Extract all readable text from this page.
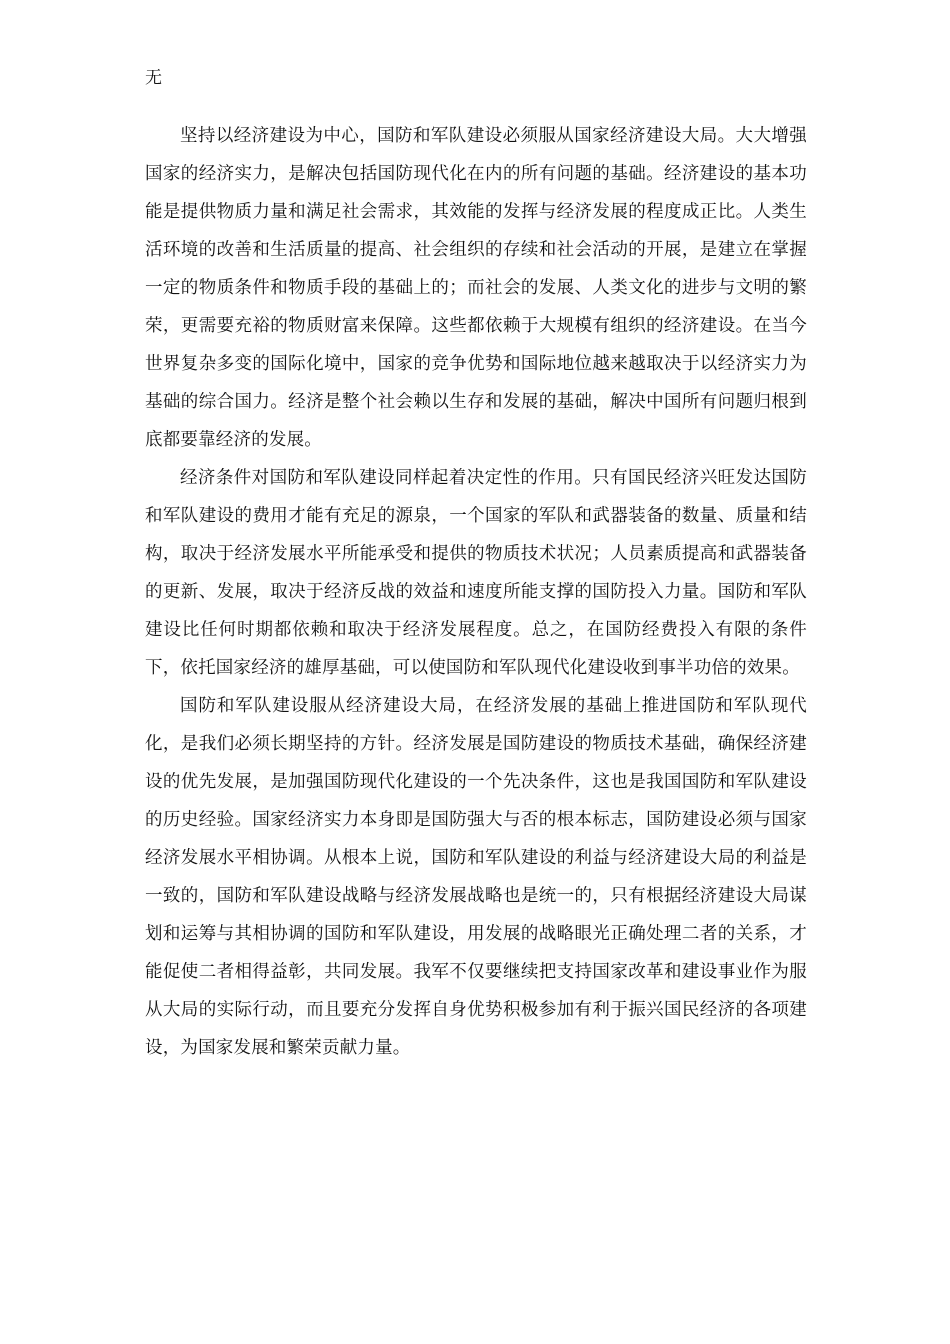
无

坚持以经济建设为中心，国防和军队建设必须服从国家经济建设大局。大大增强国家的经济实力，是解决包括国防现代化在内的所有问题的基础。经济建设的基本功能是提供物质力量和满足社会需求，其效能的发挥与经济发展的程度成正比。人类生活环境的改善和生活质量的提高、社会组织的存续和社会活动的开展，是建立在掌握一定的物质条件和物质手段的基础上的；而社会的发展、人类文化的进步与文明的繁荣，更需要充裕的物质财富来保障。这些都依赖于大规模有组织的经济建设。在当今世界复杂多变的国际化境中，国家的竞争优势和国际地位越来越取决于以经济实力为基础的综合国力。经济是整个社会赖以生存和发展的基础，解决中国所有问题归根到底都要靠经济的发展。

经济条件对国防和军队建设同样起着决定性的作用。只有国民经济兴旺发达国防和军队建设的费用才能有充足的源泉，一个国家的军队和武器装备的数量、质量和结构，取决于经济发展水平所能承受和提供的物质技术状况；人员素质提高和武器装备的更新、发展，取决于经济反战的效益和速度所能支撑的国防投入力量。国防和军队建设比任何时期都依赖和取决于经济发展程度。总之，在国防经费投入有限的条件下，依托国家经济的雄厚基础，可以使国防和军队现代化建设收到事半功倍的效果。

国防和军队建设服从经济建设大局，在经济发展的基础上推进国防和军队现代化，是我们必须长期坚持的方针。经济发展是国防建设的物质技术基础，确保经济建设的优先发展，是加强国防现代化建设的一个先决条件，这也是我国国防和军队建设的历史经验。国家经济实力本身即是国防强大与否的根本标志，国防建设必须与国家经济发展水平相协调。从根本上说，国防和军队建设的利益与经济建设大局的利益是一致的，国防和军队建设战略与经济发展战略也是统一的，只有根据经济建设大局谋划和运筹与其相协调的国防和军队建设，用发展的战略眼光正确处理二者的关系，才能促使二者相得益彰，共同发展。我军不仅要继续把支持国家改革和建设事业作为服从大局的实际行动，而且要充分发挥自身优势积极参加有利于振兴国民经济的各项建设，为国家发展和繁荣贡献力量。
